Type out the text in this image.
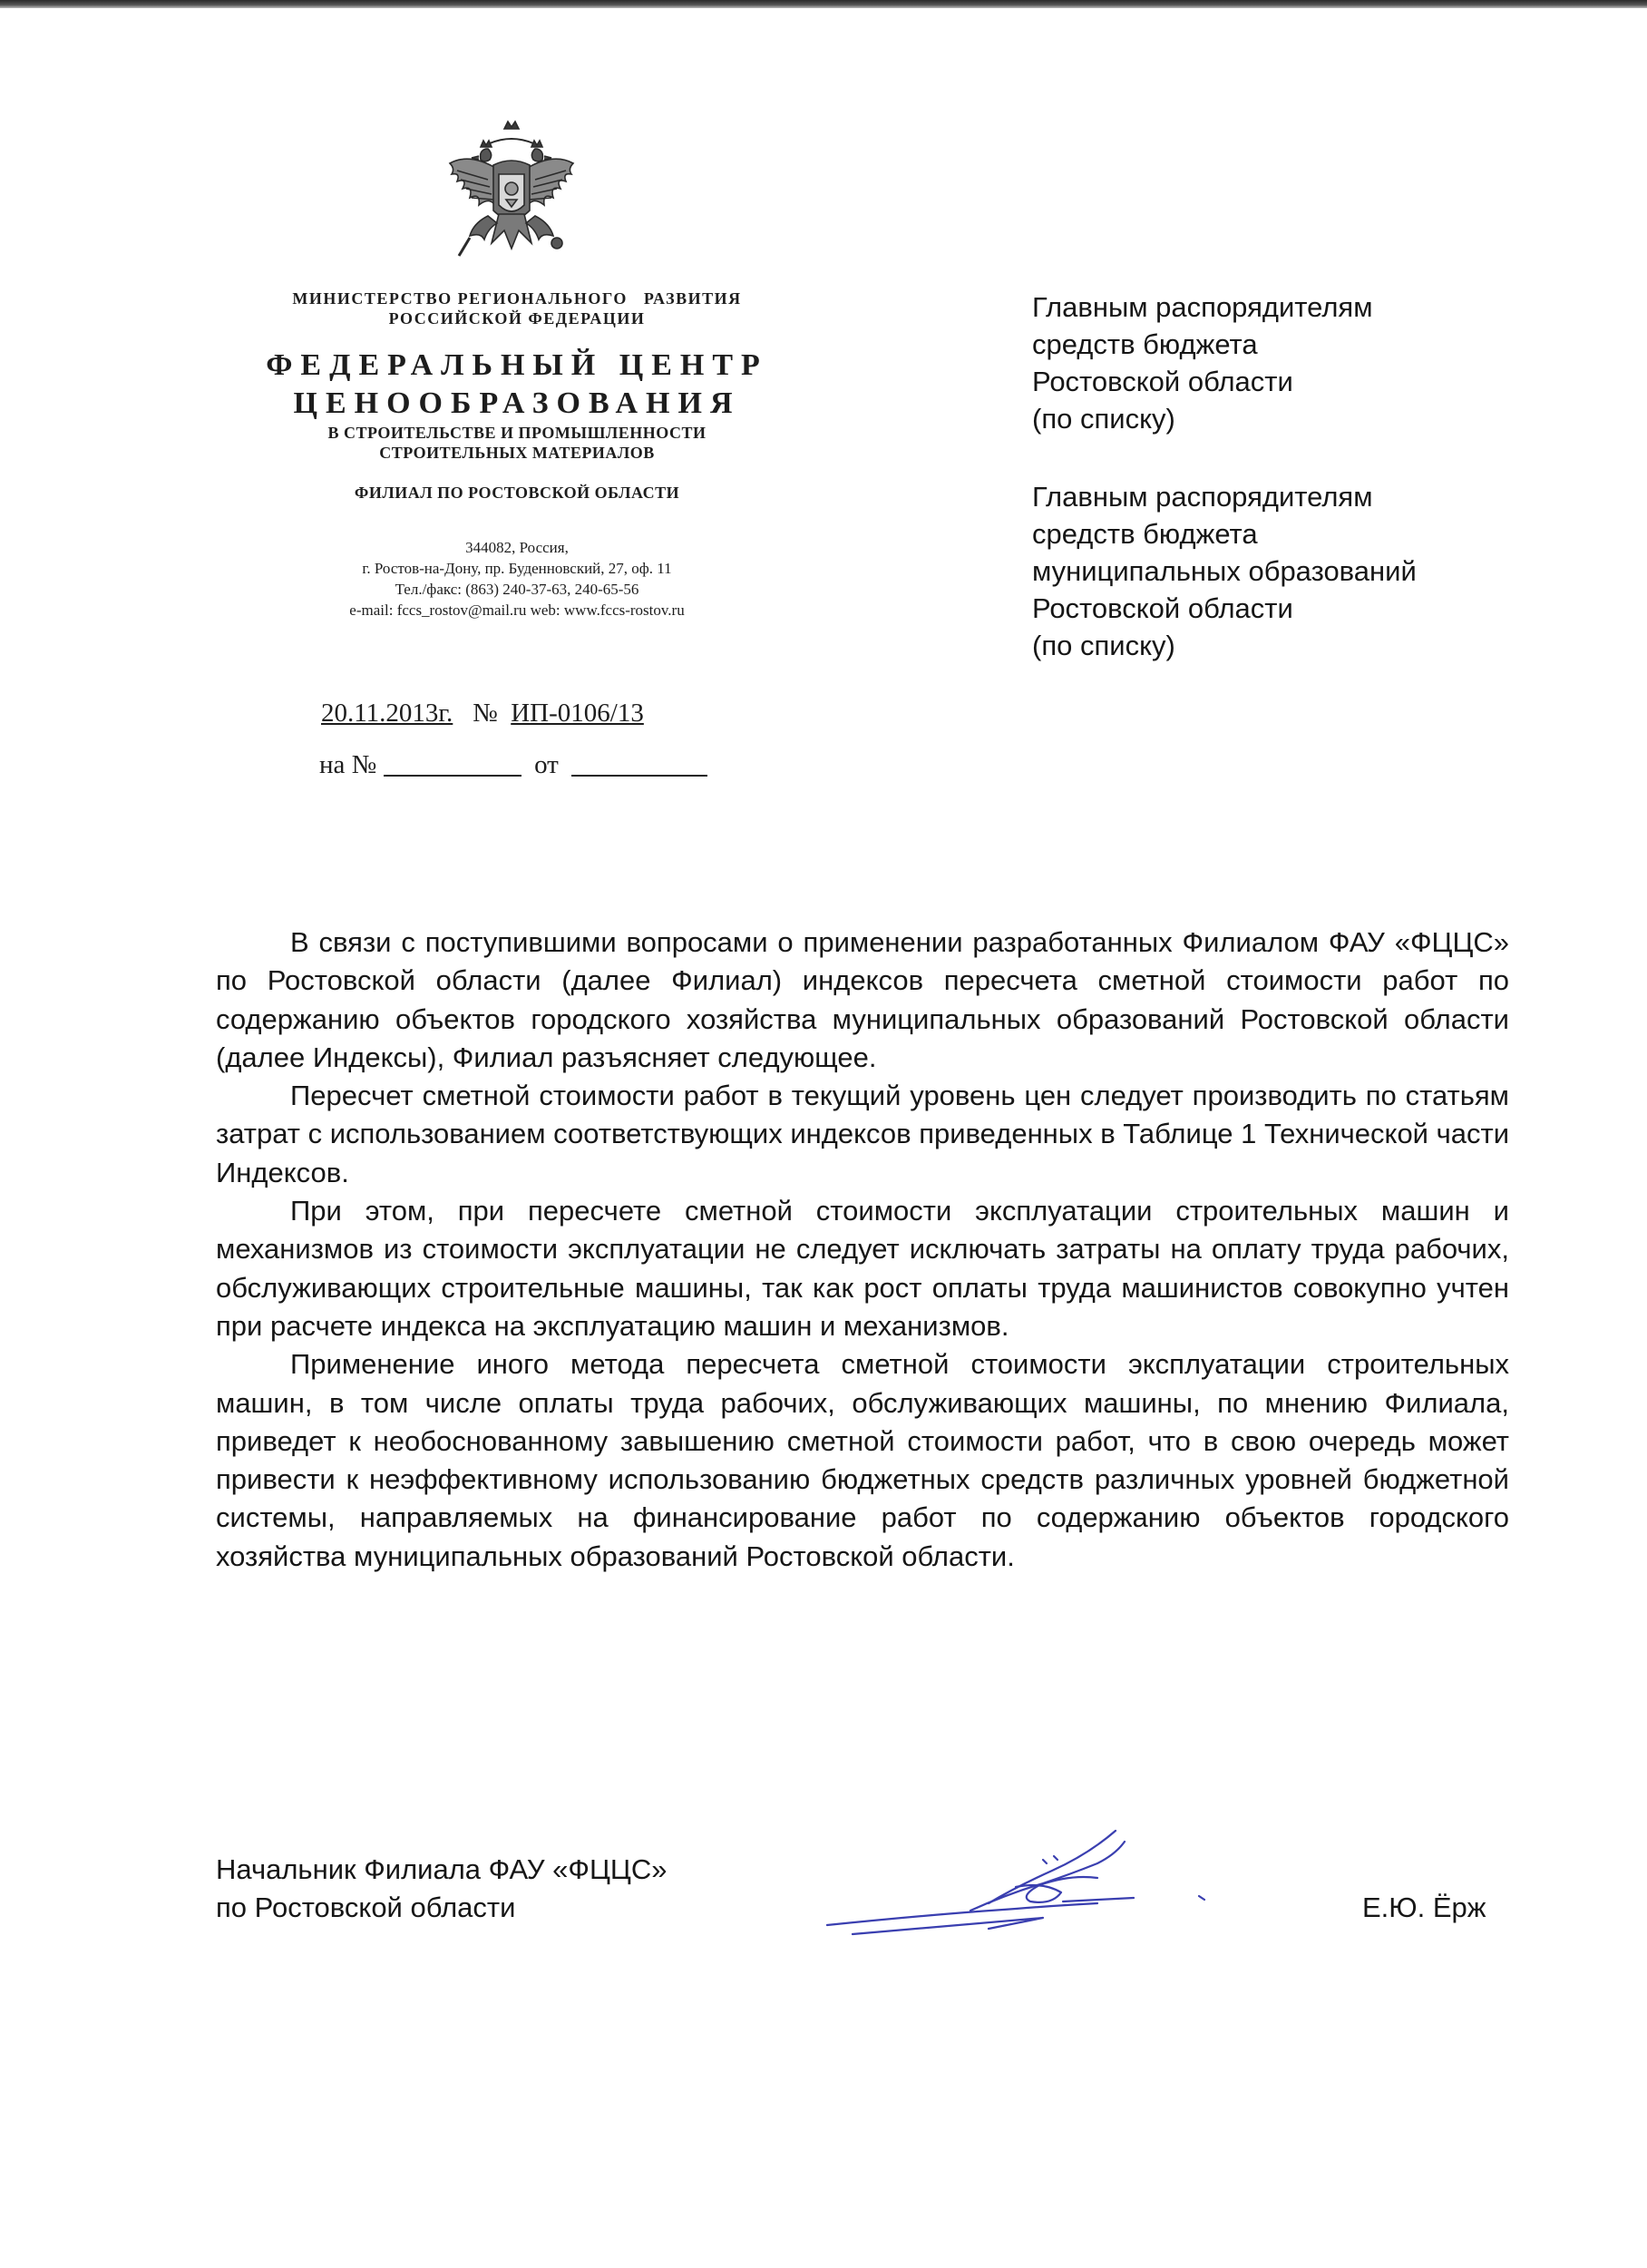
МИНИСТЕРСТВО РЕГИОНАЛЬНОГО   РАЗВИТИЯ
РОССИЙСКОЙ ФЕДЕРАЦИИ
ФЕДЕРАЛЬНЫЙ ЦЕНТР
ЦЕНООБРАЗОВАНИЯ
В СТРОИТЕЛЬСТВЕ И ПРОМЫШЛЕННОСТИ
СТРОИТЕЛЬНЫХ МАТЕРИАЛОВ
ФИЛИАЛ ПО РОСТОВСКОЙ ОБЛАСТИ
344082, Россия,
г. Ростов-на-Дону, пр. Буденновский, 27, оф. 11
Тел./факс: (863) 240-37-63, 240-65-56
e-mail: fccs_rostov@mail.ru web: www.fccs-rostov.ru
20.11.2013г. № ИП-0106/13
на №	от
Главным распорядителям
средств бюджета
Ростовской области
(по списку)
Главным распорядителям
средств бюджета
муниципальных образований
Ростовской области
(по списку)

В связи с поступившими вопросами о применении разработанных Филиалом ФАУ «ФЦЦС» по Ростовской области (далее Филиал) индексов пересчета сметной стоимости работ по содержанию объектов городского хозяйства муниципальных образований Ростовской области (далее Индексы), Филиал разъясняет следующее.

Пересчет сметной стоимости работ в текущий уровень цен следует производить по статьям затрат с использованием соответствующих индексов приведенных в Таблице 1 Технической части Индексов.

При этом, при пересчете сметной стоимости эксплуатации строительных машин и механизмов из стоимости эксплуатации не следует исключать затраты на оплату труда рабочих, обслуживающих строительные машины, так как рост оплаты труда машинистов совокупно учтен при расчете индекса на эксплуатацию машин и механизмов.

Применение иного метода пересчета сметной стоимости эксплуатации строительных машин, в том числе оплаты труда рабочих, обслуживающих машины, по мнению Филиала, приведет к необоснованному завышению сметной стоимости работ, что в свою очередь может привести к неэффективному использованию бюджетных средств различных уровней бюджетной системы, направляемых на финансирование работ по содержанию объектов городского хозяйства муниципальных образований Ростовской области.

Начальник Филиала ФАУ «ФЦЦС»
по Ростовской области	Е.Ю. Ёрж
